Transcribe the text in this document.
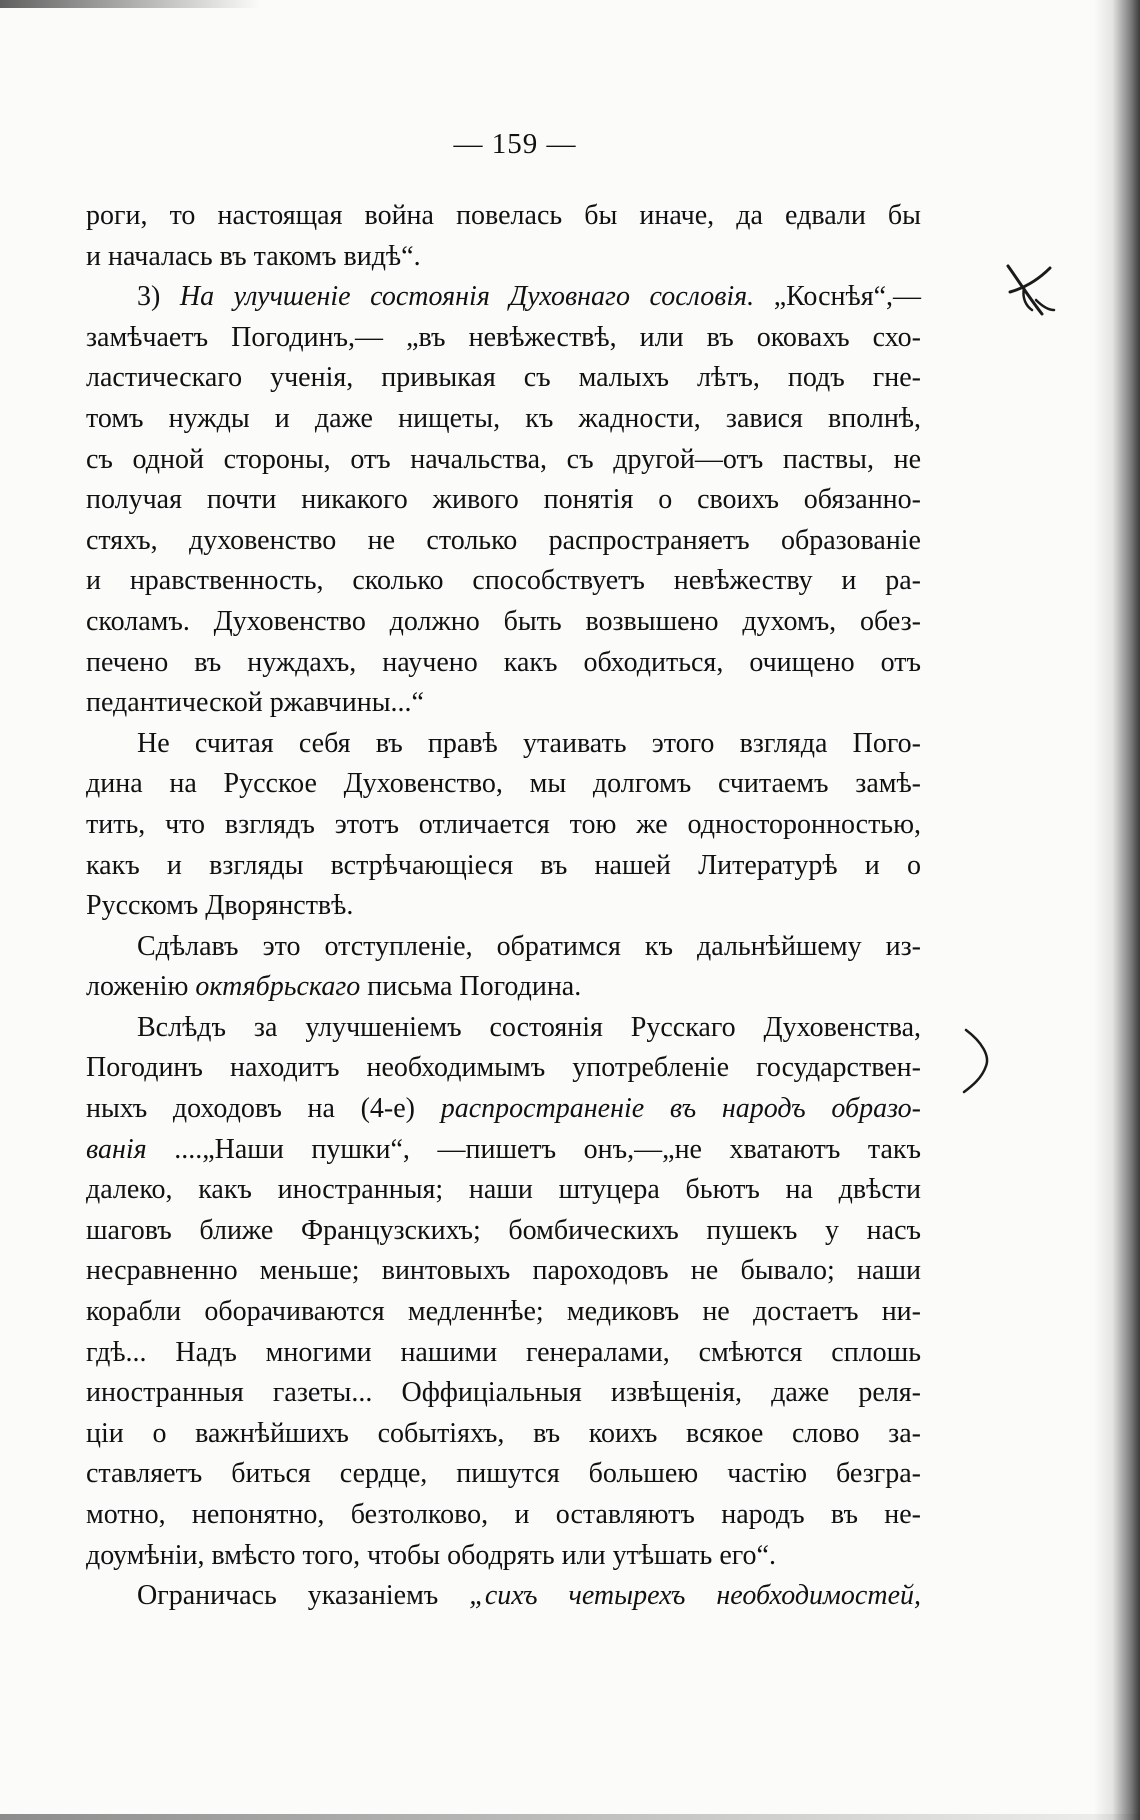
— 159 —
роги, то настоящая война повелась бы иначе, да едвали бы
и началась въ такомъ видѣ“.
3) На улучшеніе состоянія Духовнаго сословія. „Коснѣя“,—
замѣчаетъ Погодинъ,— „въ невѣжествѣ, или въ оковахъ схо-
ластическаго ученія, привыкая съ малыхъ лѣтъ, подъ гне-
томъ нужды и даже нищеты, къ жадности, завися вполнѣ,
съ одной стороны, отъ начальства, съ другой—отъ паствы, не
получая почти никакого живого понятія о своихъ обязанно-
стяхъ, духовенство не столько распространяетъ образованіе
и нравственность, сколько способствуетъ невѣжеству и ра-
сколамъ. Духовенство должно быть возвышено духомъ, обез-
печено въ нуждахъ, научено какъ обходиться, очищено отъ
педантической ржавчины...“
Не считая себя въ правѣ утаивать этого взгляда Пого-
дина на Русское Духовенство, мы долгомъ считаемъ замѣ-
тить, что взглядъ этотъ отличается тою же односторонностью,
какъ и взгляды встрѣчающіеся въ нашей Литературѣ и о
Русскомъ Дворянствѣ.
Сдѣлавъ это отступленіе, обратимся къ дальнѣйшему из-
ложенію октябрьскаго письма Погодина.
Вслѣдъ за улучшеніемъ состоянія Русскаго Духовенства,
Погодинъ находитъ необходимымъ употребленіе государствен-
ныхъ доходовъ на (4-е) распространеніе въ народъ образо-
ванія ....„Наши пушки“, —пишетъ онъ,—„не хватаютъ такъ
далеко, какъ иностранныя; наши штуцера бьютъ на двѣсти
шаговъ ближе Французскихъ; бомбическихъ пушекъ у насъ
несравненно меньше; винтовыхъ пароходовъ не бывало; наши
корабли оборачиваются медленнѣе; медиковъ не достаетъ ни-
гдѣ... Надъ многими нашими генералами, смѣются сплошь
иностранныя газеты... Оффиціальныя извѣщенія, даже реля-
ціи о важнѣйшихъ событіяхъ, въ коихъ всякое слово за-
ставляетъ биться сердце, пишутся большею частію безгра-
мотно, непонятно, безтолково, и оставляютъ народъ въ не-
доумѣніи, вмѣсто того, чтобы ободрять или утѣшать его“.
Ограничась указаніемъ „сихъ четырехъ необходимостей,
